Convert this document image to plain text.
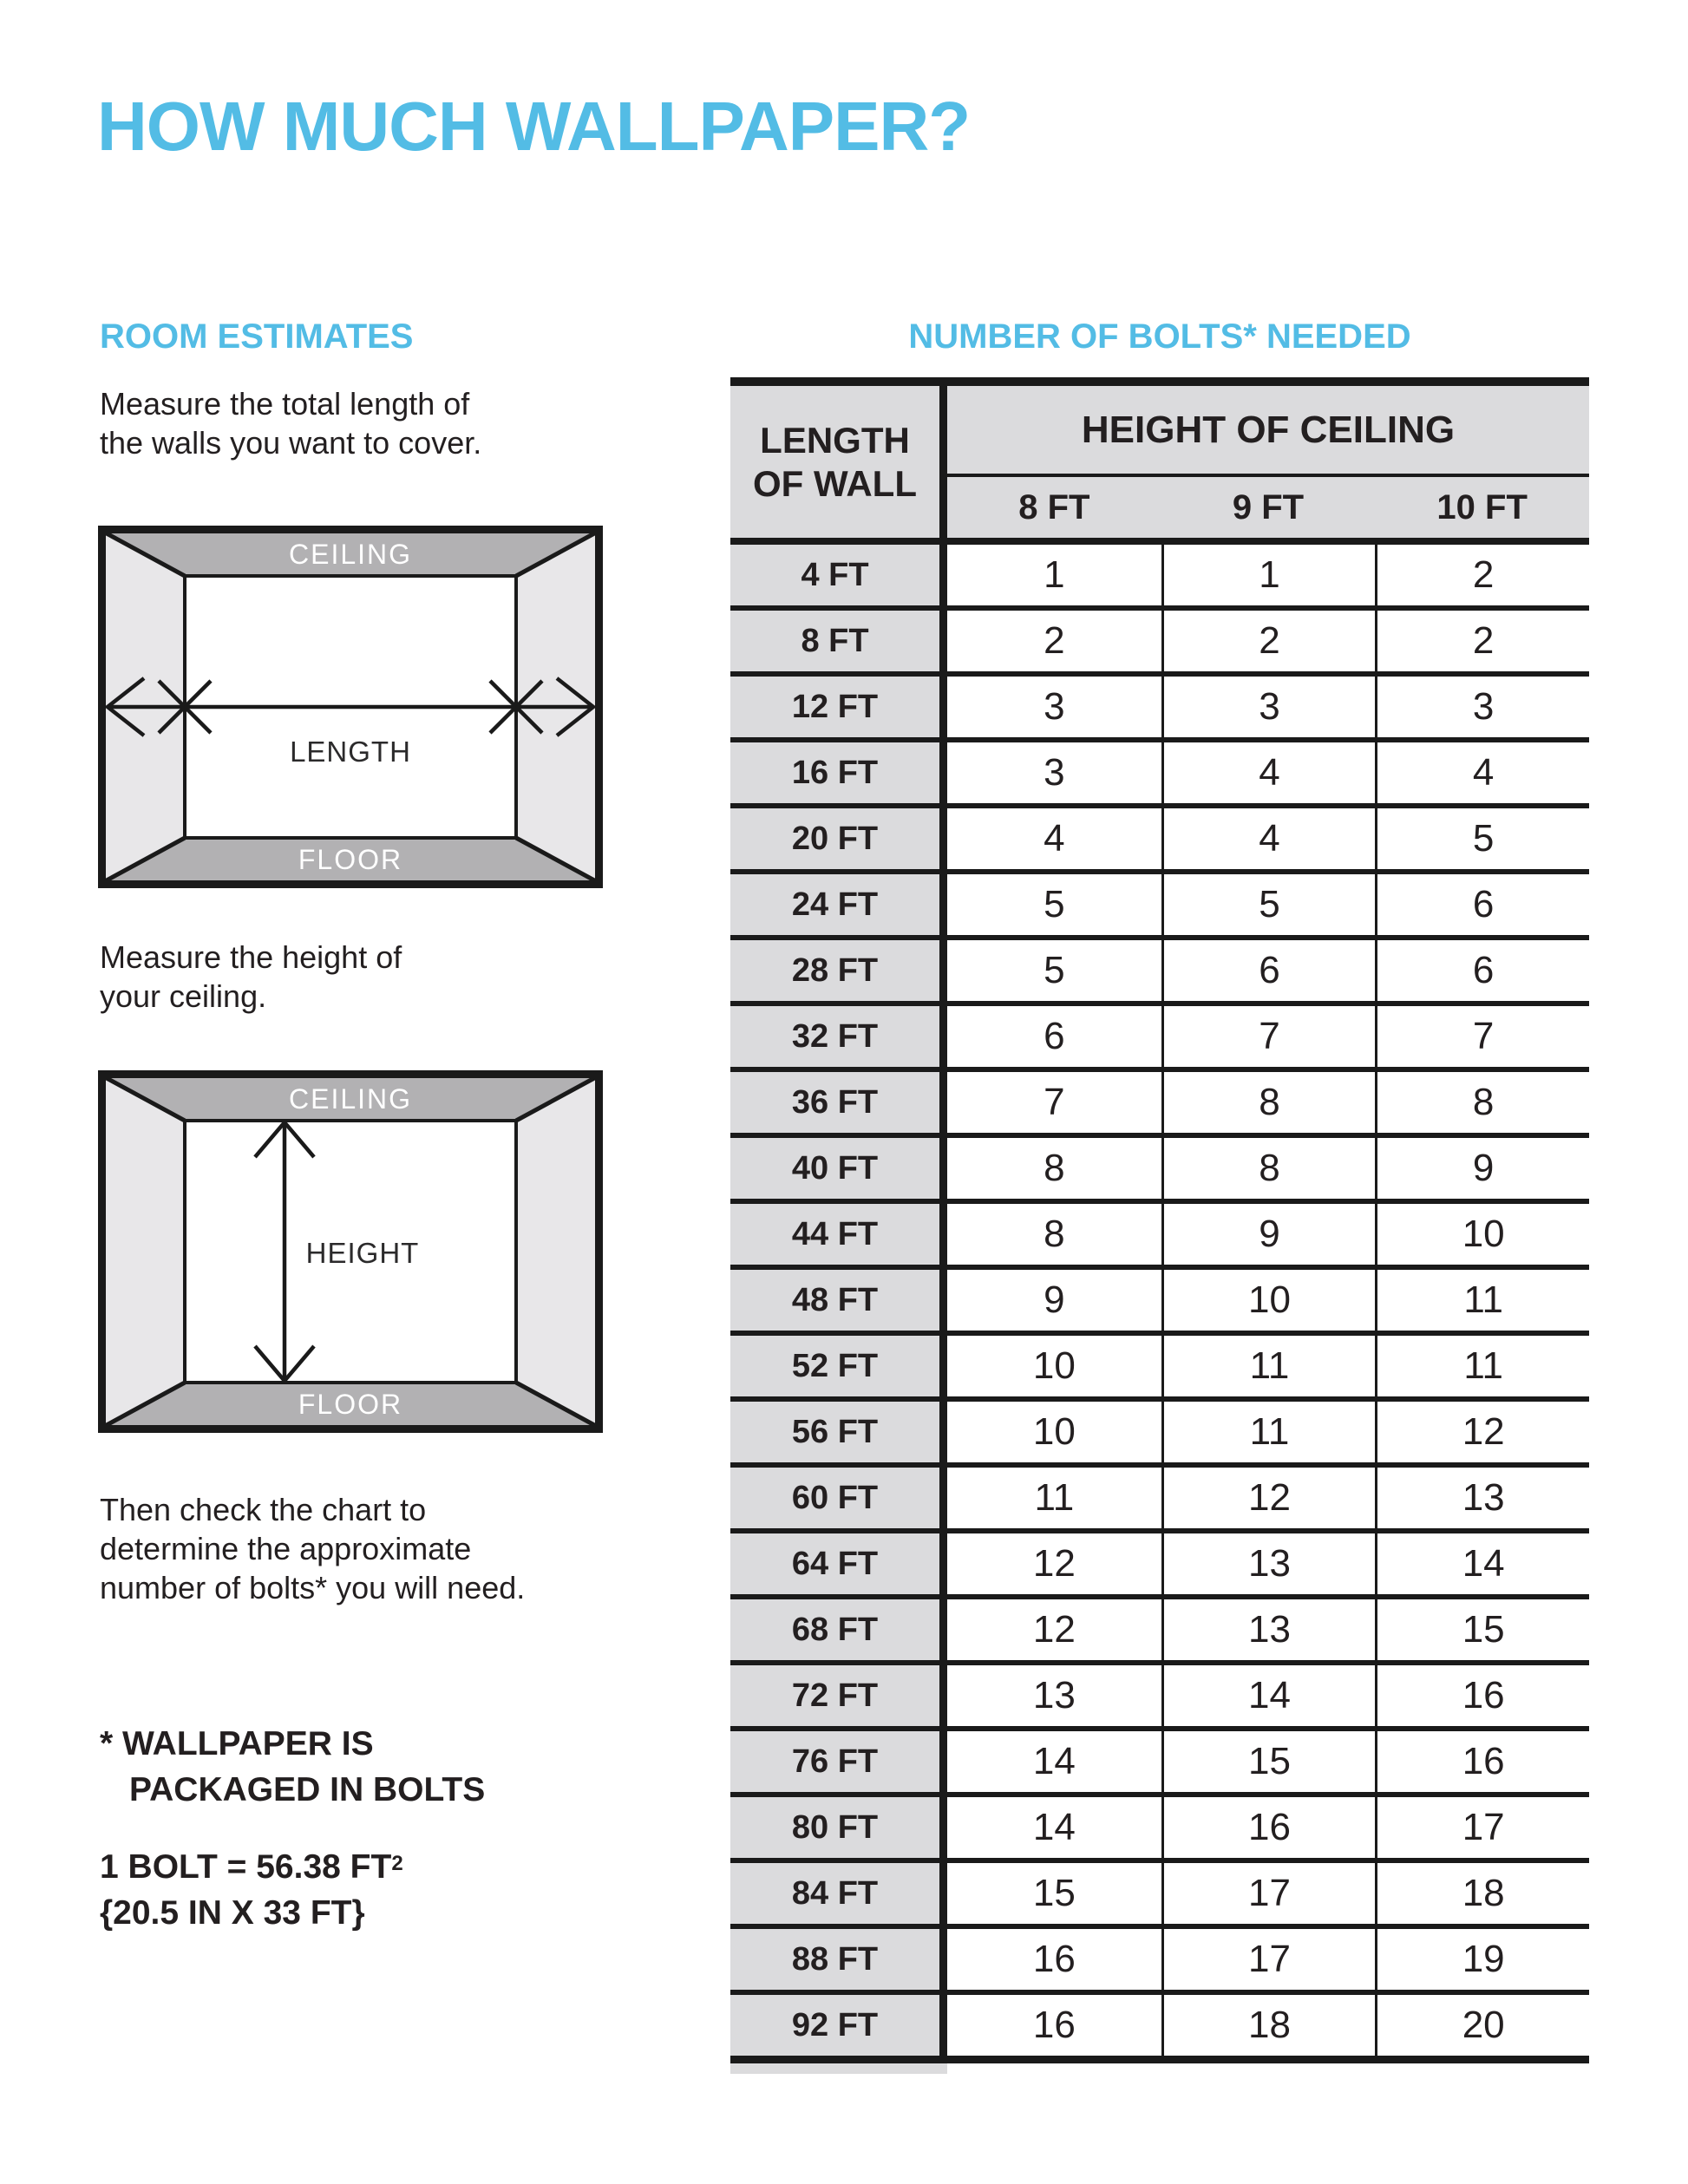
HOW MUCH WALLPAPER?
ROOM ESTIMATES
Measure the total length of
the walls you want to cover.
CEILING
LENGTH
FLOOR
Measure the height of
your ceiling.
CEILING
HEIGHT
FLOOR
Then check the chart to
determine the approximate
number of bolts* you will need.
* WALLPAPER IS
PACKAGED IN BOLTS
1 BOLT = 56.38 $FT^2$
{20.5 IN X 33 FT}
NUMBER OF BOLTS* NEEDED
LENGTH OF WALL
HEIGHT OF CEILING
8 FT	9 FT	10 FT
4 FT	1	1	2
8 FT	2	2	2
12 FT	3	3	3
16 FT	3	4	4
20 FT	4	4	5
24 FT	5	5	6
28 FT	5	6	6
32 FT	6	7	7
36 FT	7	8	8
40 FT	8	8	9
44 FT	8	9	10
48 FT	9	10	11
52 FT	10	11	11
56 FT	10	11	12
60 FT	11	12	13
64 FT	12	13	14
68 FT	12	13	15
72 FT	13	14	16
76 FT	14	15	16
80 FT	14	16	17
84 FT	15	17	18
88 FT	16	17	19
92 FT	16	18	20
